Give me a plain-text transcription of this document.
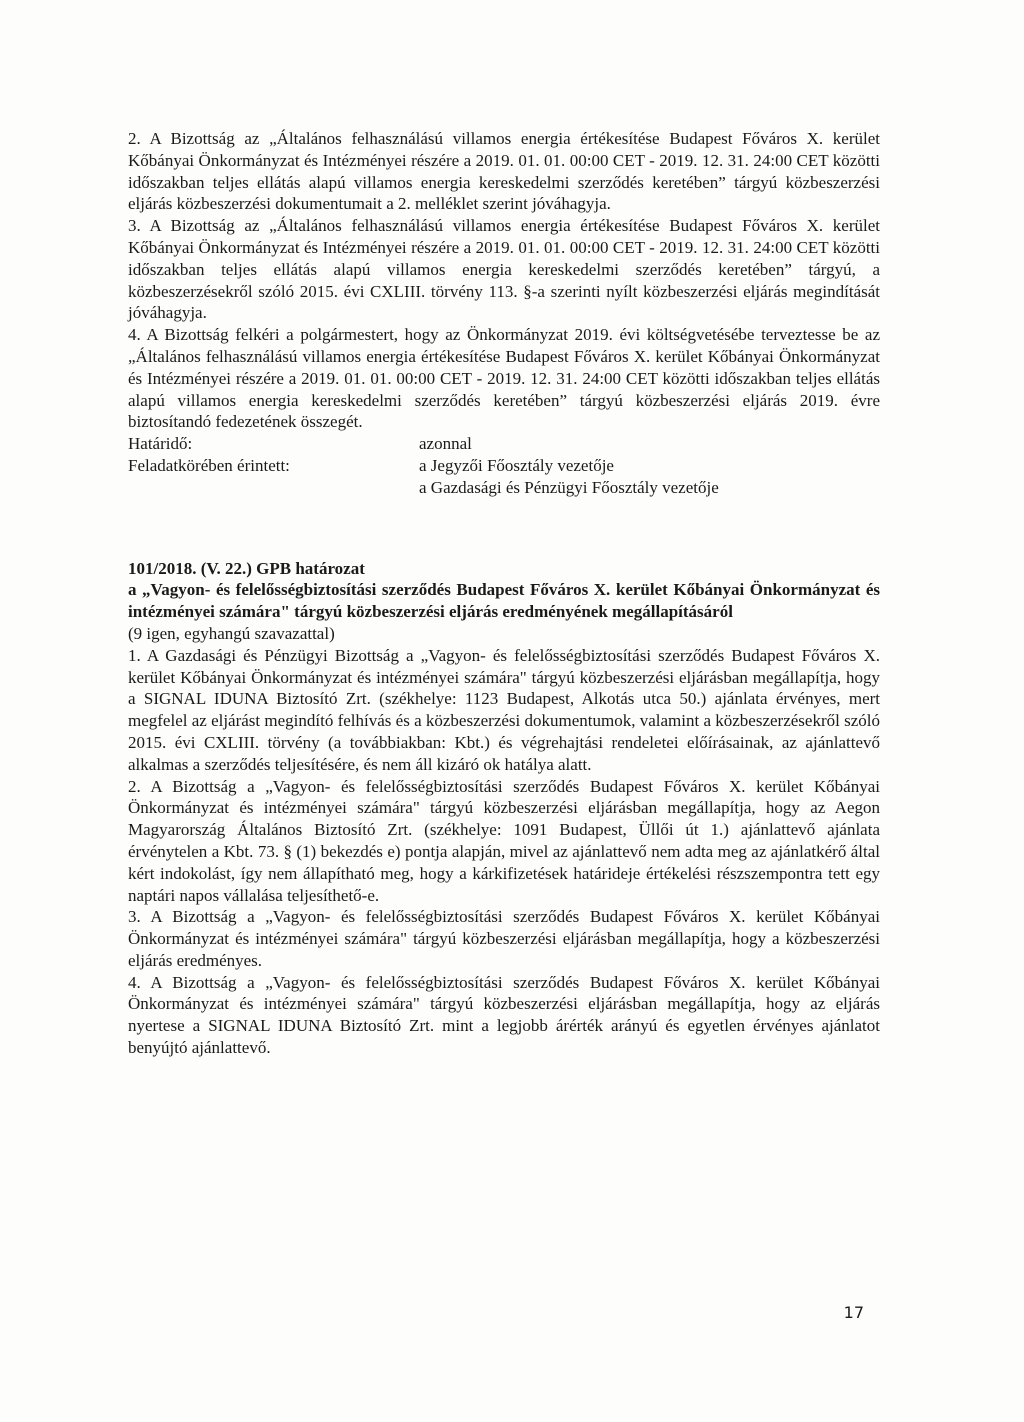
2. A Bizottság az „Általános felhasználású villamos energia értékesítése Budapest Főváros X. kerület Kőbányai Önkormányzat és Intézményei részére a 2019. 01. 01. 00:00 CET - 2019. 12. 31. 24:00 CET közötti időszakban teljes ellátás alapú villamos energia kereskedelmi szerződés keretében” tárgyú közbeszerzési eljárás közbeszerzési dokumentumait a 2. melléklet szerint jóváhagyja.

3. A Bizottság az „Általános felhasználású villamos energia értékesítése Budapest Főváros X. kerület Kőbányai Önkormányzat és Intézményei részére a 2019. 01. 01. 00:00 CET - 2019. 12. 31. 24:00 CET közötti időszakban teljes ellátás alapú villamos energia kereskedelmi szerződés keretében” tárgyú, a közbeszerzésekről szóló 2015. évi CXLIII. törvény 113. §-a szerinti nyílt közbeszerzési eljárás megindítását jóváhagyja.

4. A Bizottság felkéri a polgármestert, hogy az Önkormányzat 2019. évi költségvetésébe terveztesse be az „Általános felhasználású villamos energia értékesítése Budapest Főváros X. kerület Kőbányai Önkormányzat és Intézményei részére a 2019. 01. 01. 00:00 CET - 2019. 12. 31. 24:00 CET közötti időszakban teljes ellátás alapú villamos energia kereskedelmi szerződés keretében” tárgyú közbeszerzési eljárás 2019. évre biztosítandó fedezetének összegét.

Határidő:	azonnal
Feladatkörében érintett:	a Jegyzői Főosztály vezetője
a Gazdasági és Pénzügyi Főosztály vezetője

101/2018. (V. 22.) GPB határozat

a „Vagyon- és felelősségbiztosítási szerződés Budapest Főváros X. kerület Kőbányai Önkormányzat és intézményei számára" tárgyú közbeszerzési eljárás eredményének megállapításáról

(9 igen, egyhangú szavazattal)

1. A Gazdasági és Pénzügyi Bizottság a „Vagyon- és felelősségbiztosítási szerződés Budapest Főváros X. kerület Kőbányai Önkormányzat és intézményei számára" tárgyú közbeszerzési eljárásban megállapítja, hogy a SIGNAL IDUNA Biztosító Zrt. (székhelye: 1123 Budapest, Alkotás utca 50.) ajánlata érvényes, mert megfelel az eljárást megindító felhívás és a közbeszerzési dokumentumok, valamint a közbeszerzésekről szóló 2015. évi CXLIII. törvény (a továbbiakban: Kbt.) és végrehajtási rendeletei előírásainak, az ajánlattevő alkalmas a szerződés teljesítésére, és nem áll kizáró ok hatálya alatt.

2. A Bizottság a „Vagyon- és felelősségbiztosítási szerződés Budapest Főváros X. kerület Kőbányai Önkormányzat és intézményei számára" tárgyú közbeszerzési eljárásban megállapítja, hogy az Aegon Magyarország Általános Biztosító Zrt. (székhelye: 1091 Budapest, Üllői út 1.) ajánlattevő ajánlata érvénytelen a Kbt. 73. § (1) bekezdés e) pontja alapján, mivel az ajánlattevő nem adta meg az ajánlatkérő által kért indokolást, így nem állapítható meg, hogy a kárkifizetések határideje értékelési részszempontra tett egy naptári napos vállalása teljesíthető-e.

3. A Bizottság a „Vagyon- és felelősségbiztosítási szerződés Budapest Főváros X. kerület Kőbányai Önkormányzat és intézményei számára" tárgyú közbeszerzési eljárásban megállapítja, hogy a közbeszerzési eljárás eredményes.

4. A Bizottság a „Vagyon- és felelősségbiztosítási szerződés Budapest Főváros X. kerület Kőbányai Önkormányzat és intézményei számára" tárgyú közbeszerzési eljárásban megállapítja, hogy az eljárás nyertese a SIGNAL IDUNA Biztosító Zrt. mint a legjobb árérték arányú és egyetlen érvényes ajánlatot benyújtó ajánlattevő.

17
